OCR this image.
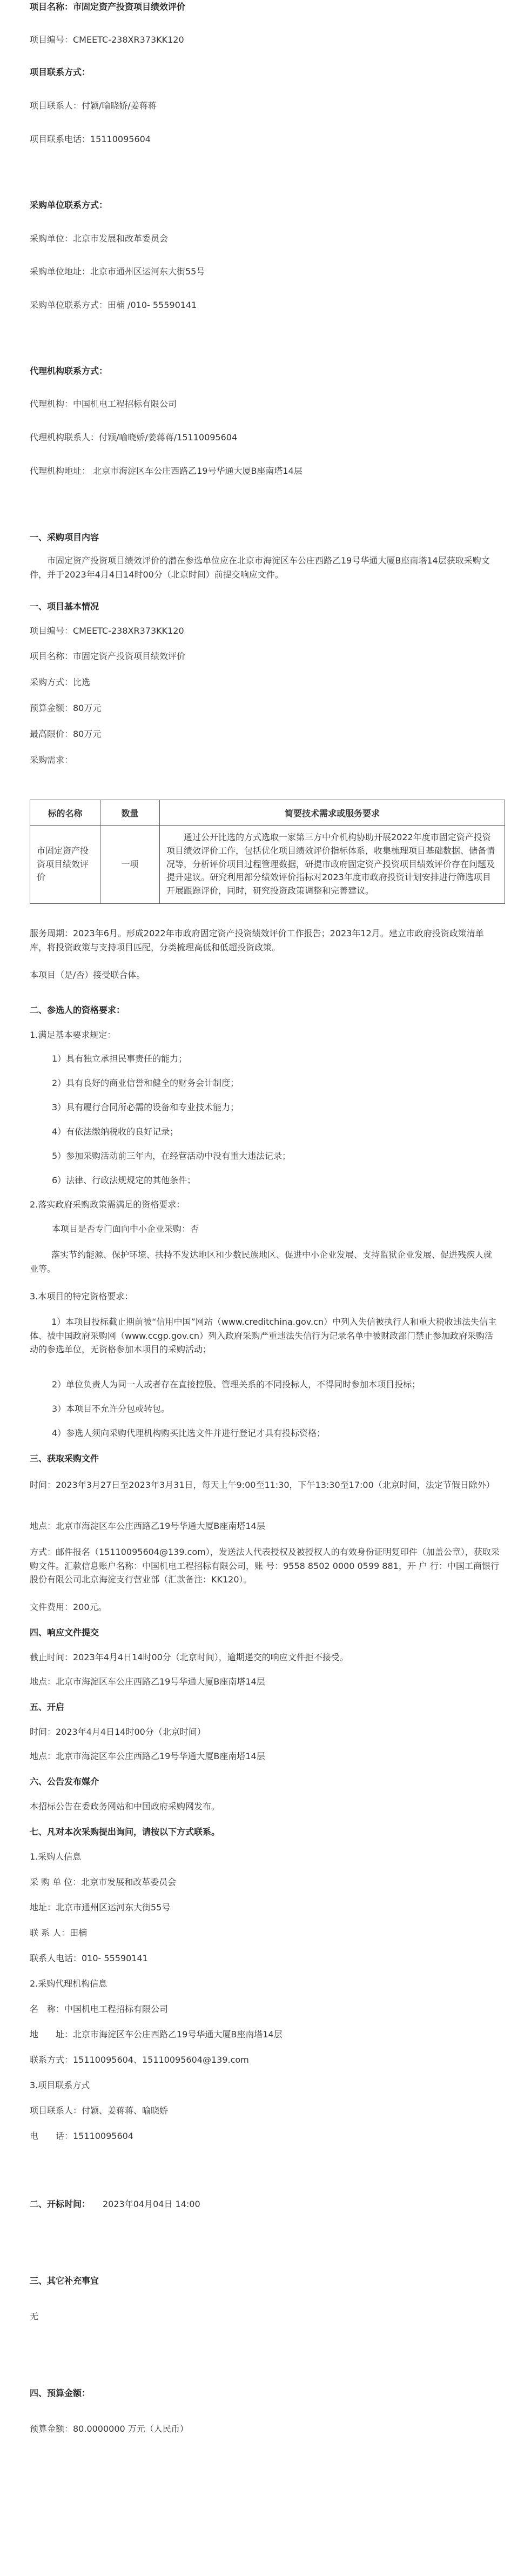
项目名称：市固定资产投资项目绩效评价
项目编号：CMEETC-238XR373KK120
项目联系方式：
项目联系人：付颖/喻晓娇/姜蒋蒋
项目联系电话：15110095604
采购单位联系方式：
采购单位：北京市发展和改革委员会
采购单位地址：北京市通州区运河东大街55号
采购单位联系方式：田楠 /010- 55590141
代理机构联系方式：
代理机构：中国机电工程招标有限公司
代理机构联系人：付颖/喻晓娇/姜蒋蒋/15110095604
代理机构地址： 北京市海淀区车公庄西路乙19号华通大厦B座南塔14层
一、采购项目内容
市固定资产投资项目绩效评价的潜在参选单位应在北京市海淀区车公庄西路乙19号华通大厦B座南塔14层获取采购文件，并于2023年4月4日14时00分（北京时间）前提交响应文件。
一、项目基本情况
项目编号：CMEETC-238XR373KK120
项目名称：市固定资产投资项目绩效评价
采购方式：比选
预算金额：80万元
最高限价：80万元
采购需求：
标的名称	数量	简要技术需求或服务要求
市固定资产投资项目绩效评价	一项	通过公开比选的方式选取一家第三方中介机构协助开展2022年度市固定资产投资项目绩效评价工作，包括优化项目绩效评价指标体系，收集梳理项目基础数据、储备情况等，分析评价项目过程管理数据，研提市政府固定资产投资项目绩效评价存在问题及提升建议。研究利用部分绩效评价指标对2023年度市政府投资计划安排进行筛选项目开展跟踪评价，同时，研究投资政策调整和完善建议。
服务周期：2023年6月。形成2022年市政府固定资产投资绩效评价工作报告；2023年12月。建立市政府投资政策清单库，将投资政策与支持项目匹配，分类梳理高低和低超投资政策。
本项目（是/否）接受联合体。
二、参选人的资格要求：
1.满足基本要求规定：
1）具有独立承担民事责任的能力；
2）具有良好的商业信誉和健全的财务会计制度；
3）具有履行合同所必需的设备和专业技术能力；
4）有依法缴纳税收的良好记录；
5）参加采购活动前三年内，在经营活动中没有重大违法记录；
6）法律、行政法规规定的其他条件；
2.落实政府采购政策需满足的资格要求：
本项目是否专门面向中小企业采购：否
落实节约能源、保护环境、扶持不发达地区和少数民族地区、促进中小企业发展、支持监狱企业发展、促进残疾人就业等。
3.本项目的特定资格要求：
1）本项目投标截止期前被“信用中国”网站（www.creditchina.gov.cn）中列入失信被执行人和重大税收违法失信主体、被中国政府采购网（www.ccgp.gov.cn）列入政府采购严重违法失信行为记录名单中被财政部门禁止参加政府采购活动的参选单位，无资格参加本项目的采购活动；
2）单位负责人为同一人或者存在直接控股、管理关系的不同投标人，不得同时参加本项目投标；
3）本项目不允许分包或转包。
4）参选人须向采购代理机构购买比选文件并进行登记才具有投标资格；
三、获取采购文件
时间：2023年3月27日至2023年3月31日，每天上午9:00至11:30，下午13:30至17:00（北京时间，法定节假日除外）
地点：北京市海淀区车公庄西路乙19号华通大厦B座南塔14层
方式：邮件报名（15110095604@139.com），发送法人代表授权及被授权人的有效身份证明复印件（加盖公章），获取采购文件。汇款信息账户名称：中国机电工程招标有限公司，账 号：9558 8502 0000 0599 881，开 户 行：中国工商银行股份有限公司北京海淀支行营业部（汇款备注：KK120）。
文件费用：200元。
四、响应文件提交
截止时间：2023年4月4日14时00分（北京时间），逾期递交的响应文件拒不接受。
地点：北京市海淀区车公庄西路乙19号华通大厦B座南塔14层
五、开启
时间：2023年4月4日14时00分（北京时间）
地点：北京市海淀区车公庄西路乙19号华通大厦B座南塔14层
六、公告发布媒介
本招标公告在委政务网站和中国政府采购网发布。
七、凡对本次采购提出询问，请按以下方式联系。
1.采购人信息
采 购 单 位：北京市发展和改革委员会
地址：北京市通州区运河东大街55号
联 系 人：田楠
联系人电话：010- 55590141
2.采购代理机构信息
名　称：中国机电工程招标有限公司
地　　址：北京市海淀区车公庄西路乙19号华通大厦B座南塔14层
联系方式：15110095604、15110095604@139.com
3.项目联系方式
项目联系人：付颖、姜蒋蒋、喻晓娇
电　　话：15110095604
二、开标时间： 2023年04月04日 14:00
三、其它补充事宜
无
四、预算金额：
预算金额：80.0000000 万元（人民币）
